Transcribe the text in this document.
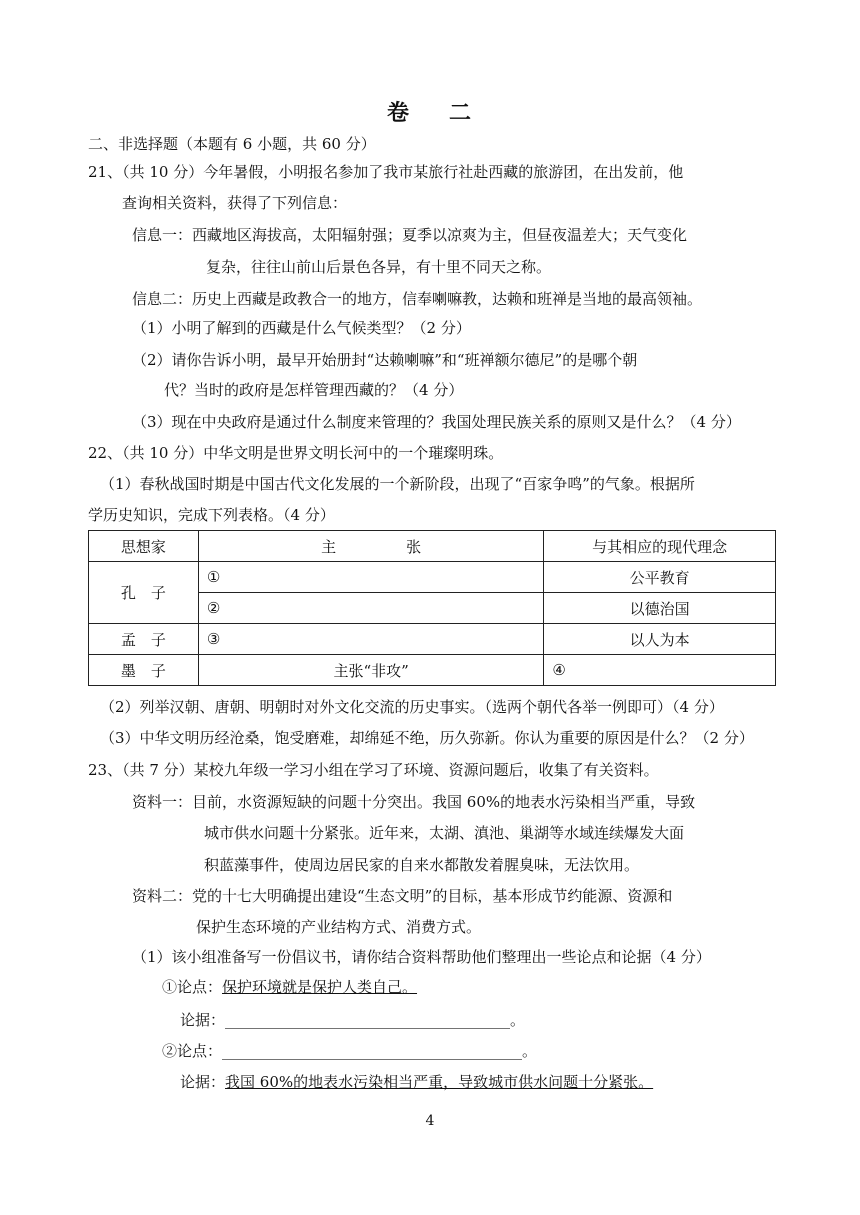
卷 二
二、非选择题（本题有 6 小题，共 60 分）
21、（共 10 分）今年暑假，小明报名参加了我市某旅行社赴西藏的旅游团，在出发前，他
查询相关资料，获得了下列信息：
信息一：西藏地区海拔高，太阳辐射强；夏季以凉爽为主，但昼夜温差大；天气变化
复杂，往往山前山后景色各异，有十里不同天之称。
信息二：历史上西藏是政教合一的地方，信奉喇嘛教，达赖和班禅是当地的最高领袖。
（1）小明了解到的西藏是什么气候类型？（2 分）
（2）请你告诉小明，最早开始册封“达赖喇嘛”和“班禅额尔德尼”的是哪个朝
代？当时的政府是怎样管理西藏的？（4 分）
（3）现在中央政府是通过什么制度来管理的？我国处理民族关系的原则又是什么？（4 分）
22、（共 10 分）中华文明是世界文明长河中的一个璀璨明珠。
（1）春秋战国时期是中国古代文化发展的一个新阶段，出现了“百家争鸣”的气象。根据所
学历史知识，完成下列表格。（4 分）
思想家	主 张	与其相应的现代理念
孔　子	①	公平教育
	②	以德治国
孟　子	③	以人为本
墨　子	主张“非攻”	④
（2）列举汉朝、唐朝、明朝时对外文化交流的历史事实。（选两个朝代各举一例即可）（4 分）
（3）中华文明历经沧桑，饱受磨难，却绵延不绝，历久弥新。你认为重要的原因是什么？（2 分）
23、（共 7 分）某校九年级一学习小组在学习了环境、资源问题后，收集了有关资料。
资料一：目前，水资源短缺的问题十分突出。我国 60%的地表水污染相当严重，导致
城市供水问题十分紧张。近年来，太湖、滇池、巢湖等水域连续爆发大面
积蓝藻事件，使周边居民家的自来水都散发着腥臭味，无法饮用。
资料二：党的十七大明确提出建设“生态文明”的目标，基本形成节约能源、资源和
保护生态环境的产业结构方式、消费方式。
（1）该小组准备写一份倡议书，请你结合资料帮助他们整理出一些论点和论据（4 分）
①论点：保护环境就是保护人类自己。
论据：______________________________________。
②论点：________________________________________。
论据：我国 60%的地表水污染相当严重，导致城市供水问题十分紧张。
4
